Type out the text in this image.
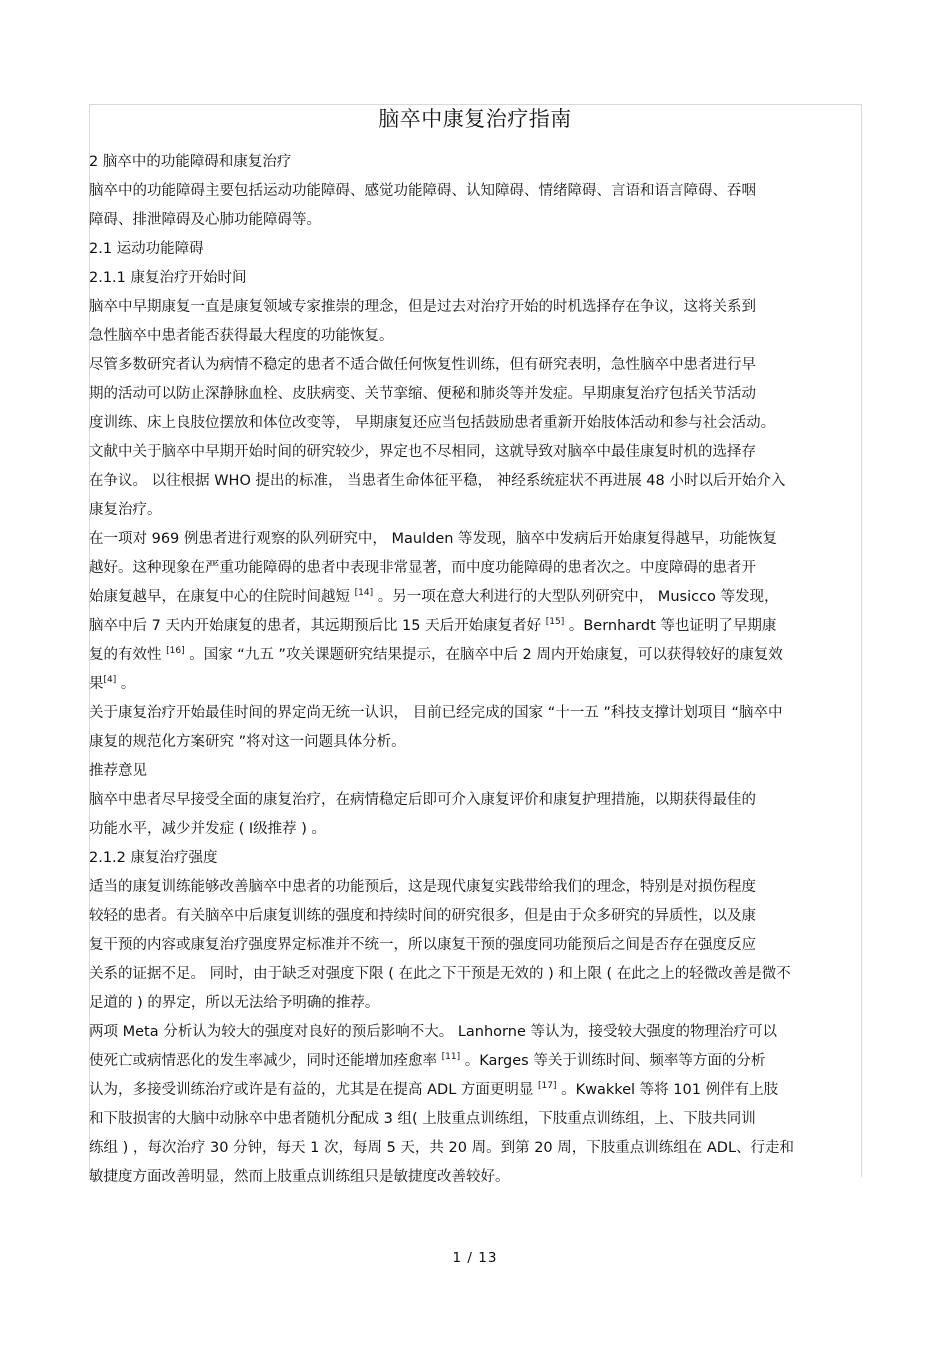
脑卒中康复治疗指南
2 脑卒中的功能障碍和康复治疗
脑卒中的功能障碍主要包括运动功能障碍、感觉功能障碍、认知障碍、情绪障碍、言语和语言障碍、吞咽
障碍、排泄障碍及心肺功能障碍等。
2.1 运动功能障碍
2.1.1 康复治疗开始时间
脑卒中早期康复一直是康复领域专家推崇的理念，但是过去对治疗开始的时机选择存在争议，这将关系到
急性脑卒中患者能否获得最大程度的功能恢复。
尽管多数研究者认为病情不稳定的患者不适合做任何恢复性训练，但有研究表明，急性脑卒中患者进行早
期的活动可以防止深静脉血栓、皮肤病变、关节挛缩、便秘和肺炎等并发症。早期康复治疗包括关节活动
度训练、床上良肢位摆放和体位改变等， 早期康复还应当包括鼓励患者重新开始肢体活动和参与社会活动。
文献中关于脑卒中早期开始时间的研究较少，界定也不尽相同，这就导致对脑卒中最佳康复时机的选择存
在争议。 以往根据 WHO 提出的标准， 当患者生命体征平稳， 神经系统症状不再进展 48 小时以后开始介入
康复治疗。
在一项对 969 例患者进行观察的队列研究中， Maulden 等发现，脑卒中发病后开始康复得越早，功能恢复
越好。这种现象在严重功能障碍的患者中表现非常显著，而中度功能障碍的患者次之。中度障碍的患者开
始康复越早，在康复中心的住院时间越短 [14] 。另一项在意大利进行的大型队列研究中， Musicco 等发现，
脑卒中后 7 天内开始康复的患者，其远期预后比 15 天后开始康复者好 [15] 。Bernhardt 等也证明了早期康
复的有效性 [16] 。国家 “九五 ”攻关课题研究结果提示，在脑卒中后 2 周内开始康复，可以获得较好的康复效
果[4] 。
关于康复治疗开始最佳时间的界定尚无统一认识， 目前已经完成的国家 “十一五 ”科技支撑计划项目 “脑卒中
康复的规范化方案研究 ”将对这一问题具体分析。
推荐意见
脑卒中患者尽早接受全面的康复治疗，在病情稳定后即可介入康复评价和康复护理措施，以期获得最佳的
功能水平，减少并发症 ( Ⅰ级推荐 ) 。
2.1.2 康复治疗强度
适当的康复训练能够改善脑卒中患者的功能预后，这是现代康复实践带给我们的理念，特别是对损伤程度
较轻的患者。有关脑卒中后康复训练的强度和持续时间的研究很多，但是由于众多研究的异质性，以及康
复干预的内容或康复治疗强度界定标准并不统一，所以康复干预的强度同功能预后之间是否存在强度反应
关系的证据不足。 同时，由于缺乏对强度下限 ( 在此之下干预是无效的 ) 和上限 ( 在此之上的轻微改善是微不
足道的 ) 的界定，所以无法给予明确的推荐。
两项 Meta 分析认为较大的强度对良好的预后影响不大。 Lanhorne 等认为，接受较大强度的物理治疗可以
使死亡或病情恶化的发生率减少，同时还能增加痊愈率 [11] 。Karges 等关于训练时间、频率等方面的分析
认为，多接受训练治疗或许是有益的，尤其是在提高 ADL 方面更明显 [17] 。Kwakkel 等将 101 例伴有上肢
和下肢损害的大脑中动脉卒中患者随机分配成 3 组( 上肢重点训练组，下肢重点训练组，上、下肢共同训
练组 ) ，每次治疗 30 分钟，每天 1 次，每周 5 天，共 20 周。到第 20 周，下肢重点训练组在 ADL、行走和
敏捷度方面改善明显，然而上肢重点训练组只是敏捷度改善较好。
1 / 13
